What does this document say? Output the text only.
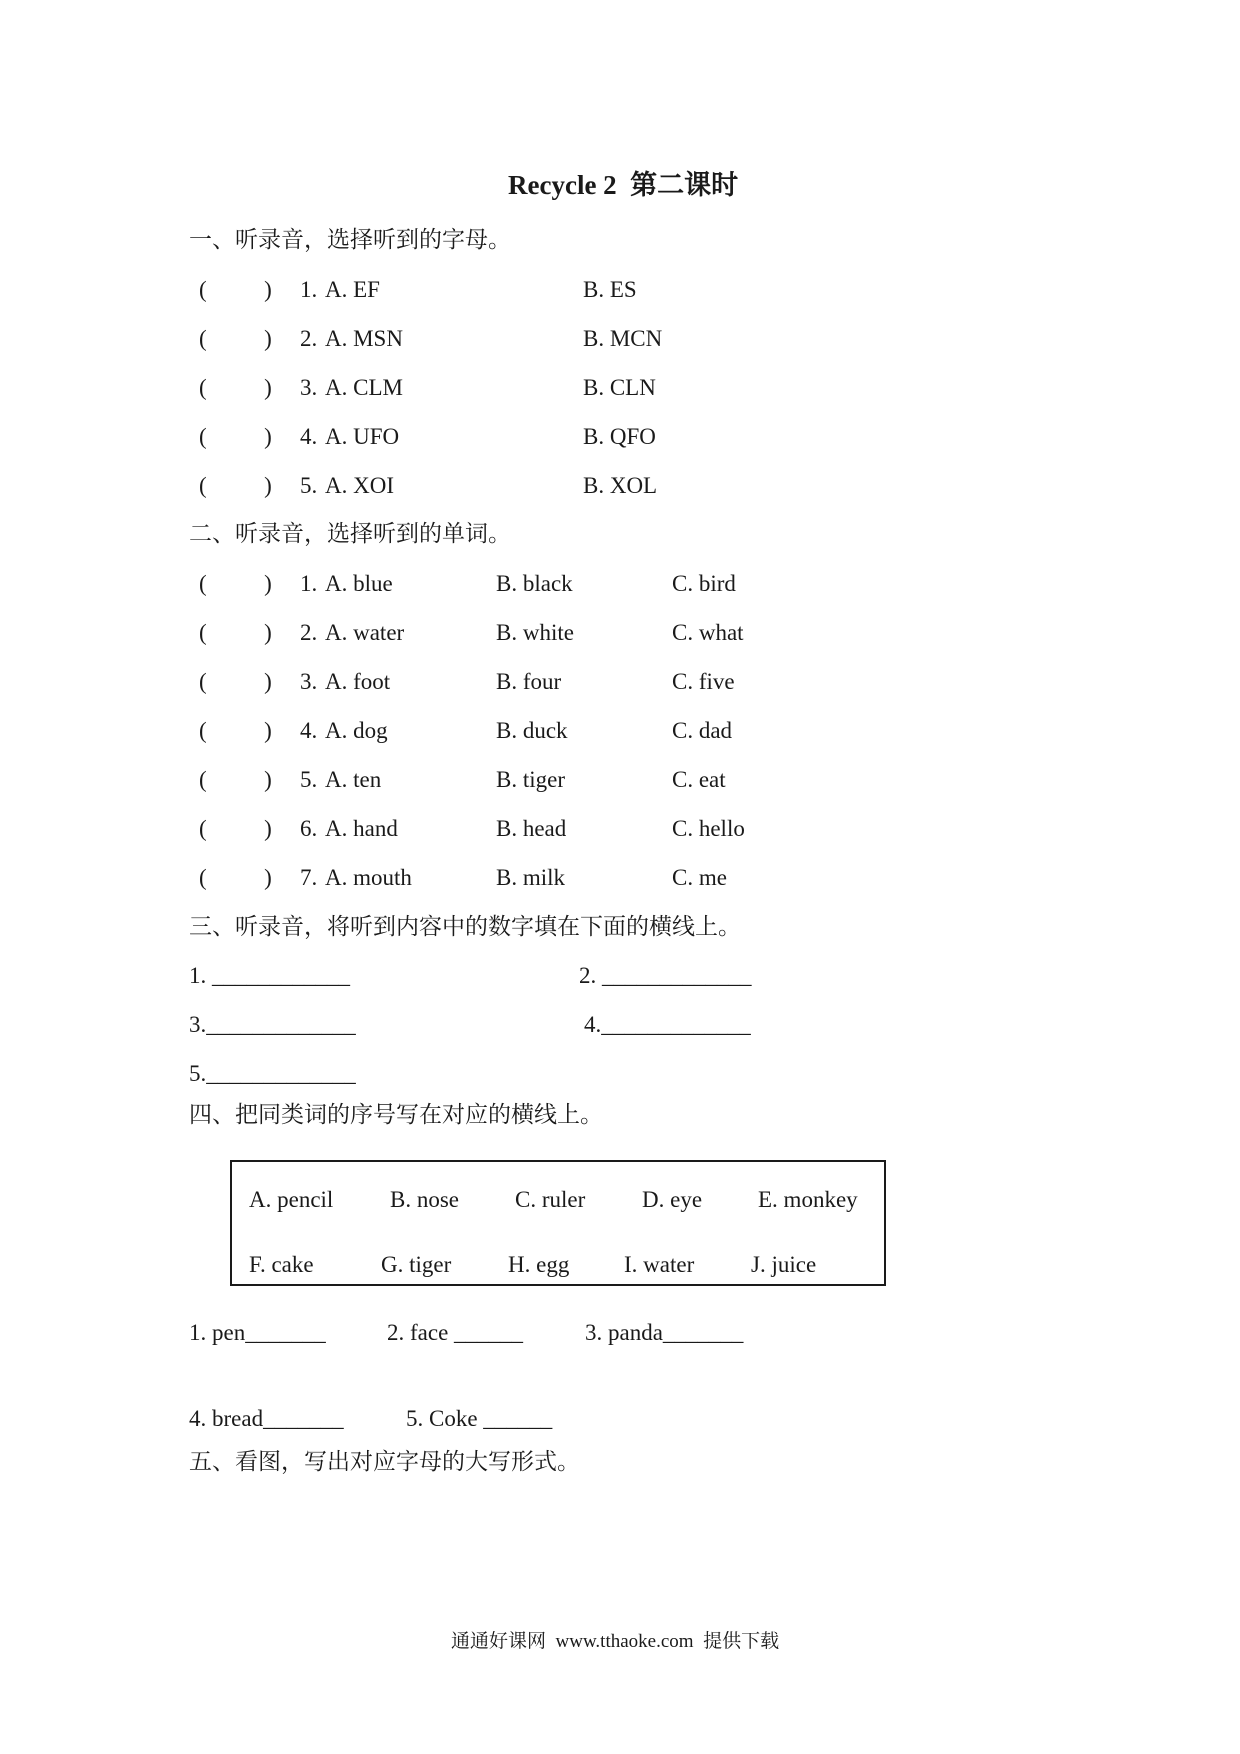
Recycle 2  第二课时
一、听录音，选择听到的字母。
(          ) 1. A. EF	B. ES
(          ) 2. A. MSN	B. MCN
(          ) 3. A. CLM	B. CLN
(          ) 4. A. UFO	B. QFO
(          ) 5. A. XOI	B. XOL
二、听录音，选择听到的单词。
(          ) 1. A. blue	B. black	C. bird
(          ) 2. A. water	B. white	C. what
(          ) 3. A. foot	B. four	C. five
(          ) 4. A. dog	B. duck	C. dad
(          ) 5. A. ten	B. tiger	C. eat
(          ) 6. A. hand	B. head	C. hello
(          ) 7. A. mouth	B. milk	C. me
三、听录音，将听到内容中的数字填在下面的横线上。
1. ____________	2. _____________
3._____________	4._____________
5._____________
四、把同类词的序号写在对应的横线上。
A. pencil B. nose C. ruler D. eye E. monkey
F. cake	G. tiger H. egg I. water J. juice
1. pen_______	2. face ______	3. panda_______
4. bread_______	5. Coke ______
五、看图，写出对应字母的大写形式。
通通好课网  www.tthaoke.com  提供下载
